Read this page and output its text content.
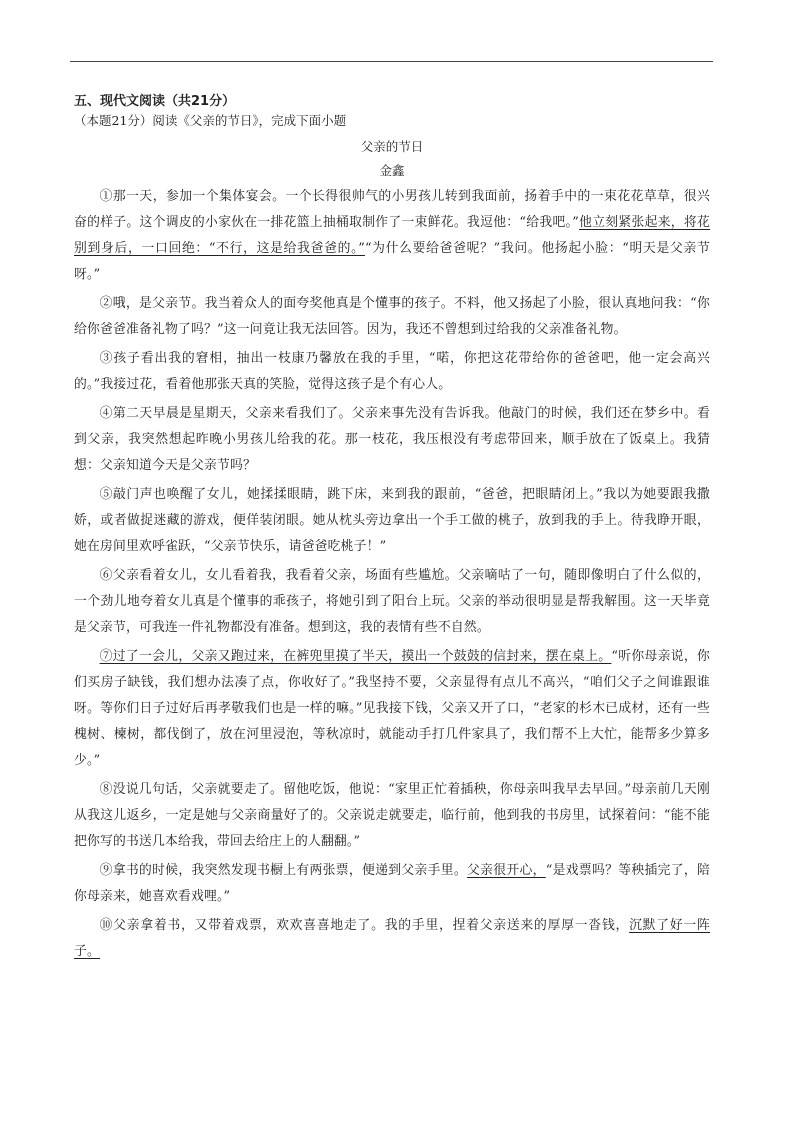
五、现代文阅读（共21分）

（本题21分）阅读《父亲的节日》，完成下面小题

父亲的节日

金鑫

①那一天，参加一个集体宴会。一个长得很帅气的小男孩儿转到我面前，扬着手中的一束花花草草，很兴奋的样子。这个调皮的小家伙在一排花篮上抽桶取制作了一束鲜花。我逗他：“给我吧。”他立刻紧张起来，将花别到身后，一口回绝：“不行，这是给我爸爸的。”“为什么要给爸爸呢？”我问。他扬起小脸：“明天是父亲节呀。”

②哦，是父亲节。我当着众人的面夸奖他真是个懂事的孩子。不料，他又扬起了小脸，很认真地问我：“你给你爸爸准备礼物了吗？”这一问竟让我无法回答。因为，我还不曾想到过给我的父亲准备礼物。

③孩子看出我的窘相，抽出一枝康乃馨放在我的手里，“喏，你把这花带给你的爸爸吧，他一定会高兴的。”我接过花，看着他那张天真的笑脸，觉得这孩子是个有心人。

④第二天早晨是星期天，父亲来看我们了。父亲来事先没有告诉我。他敲门的时候，我们还在梦乡中。看到父亲，我突然想起昨晚小男孩儿给我的花。那一枝花，我压根没有考虑带回来，顺手放在了饭桌上。我猜想：父亲知道今天是父亲节吗？

⑤敲门声也唤醒了女儿，她揉揉眼睛，跳下床，来到我的跟前，“爸爸，把眼睛闭上。”我以为她要跟我撒娇，或者做捉迷藏的游戏，便佯装闭眼。她从枕头旁边拿出一个手工做的桃子，放到我的手上。待我睁开眼，她在房间里欢呼雀跃，“父亲节快乐，请爸爸吃桃子！”

⑥父亲看着女儿，女儿看着我，我看着父亲，场面有些尴尬。父亲嘀咕了一句，随即像明白了什么似的，一个劲儿地夸着女儿真是个懂事的乖孩子，将她引到了阳台上玩。父亲的举动很明显是帮我解围。这一天毕竟是父亲节，可我连一件礼物都没有准备。想到这，我的表情有些不自然。

⑦过了一会儿，父亲又跑过来，在裤兜里摸了半天，摸出一个鼓鼓的信封来，摆在桌上。“听你母亲说，你们买房子缺钱，我们想办法凑了点，你收好了。”我坚持不要，父亲显得有点儿不高兴，“咱们父子之间谁跟谁呀。等你们日子过好后再孝敬我们也是一样的嘛。”见我接下钱，父亲又开了口，“老家的杉木已成材，还有一些槐树、楝树，都伐倒了，放在河里浸泡，等秋凉时，就能动手打几件家具了，我们帮不上大忙，能帮多少算多少。”

⑧没说几句话，父亲就要走了。留他吃饭，他说：“家里正忙着插秧，你母亲叫我早去早回。”母亲前几天刚从我这儿返乡，一定是她与父亲商量好了的。父亲说走就要走，临行前，他到我的书房里，试探着问：“能不能把你写的书送几本给我，带回去给庄上的人翻翻。”

⑨拿书的时候，我突然发现书橱上有两张票，便递到父亲手里。父亲很开心，“是戏票吗？等秧插完了，陪你母亲来，她喜欢看戏哩。”

⑩父亲拿着书，又带着戏票，欢欢喜喜地走了。我的手里，捏着父亲送来的厚厚一沓钱，沉默了好一阵子。
